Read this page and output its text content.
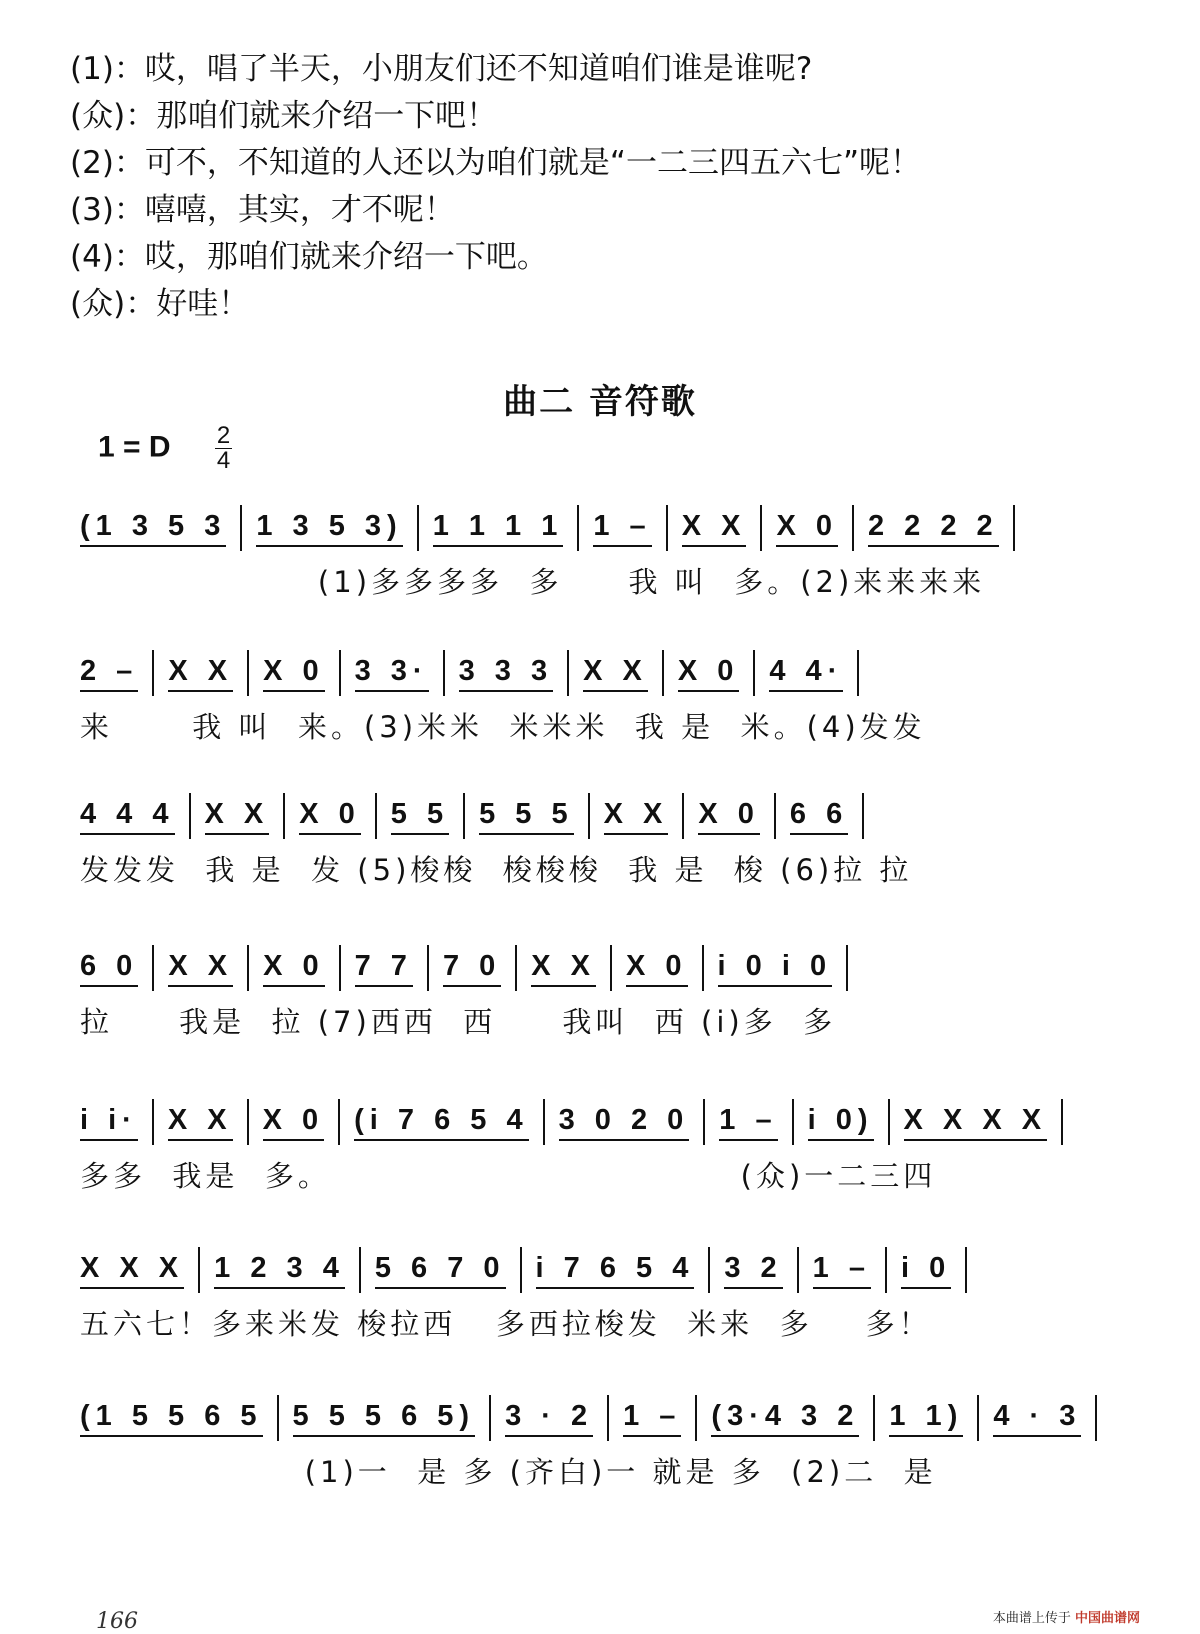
(1)：哎，唱了半天，小朋友们还不知道咱们谁是谁呢?
(众)：那咱们就来介绍一下吧！
(2)：可不，不知道的人还以为咱们就是“一二三四五六七”呢！
(3)：嘻嘻，其实，才不呢！
(4)：哎，那咱们就来介绍一下吧。
(众)：好哇！
曲二 音符歌
1 = D $\frac{2}{4}$
(1 3 5 3 1 3 5 3) 1 1 1 1 1 – X X X 0 2 2 2 2
(1)多多多多  多     我 叫  多。(2)来来来来
2 – X X X 0 3 3· 3 3 3 X X X 0 4 4·
来      我 叫  来。(3)米米  米米米  我 是  米。(4)发发
4 4 4 X X X 0 5 5 5 5 5 X X X 0 6 6
发发发  我 是  发 (5)梭梭  梭梭梭  我 是  梭 (6)拉 拉
6 0 X X X 0 7 7 7 0 X X X 0 i 0 i 0
拉     我是  拉 (7)西西  西     我叫  西 (i)多  多
i i· X X X 0 (i 7 6 5 4 3 0 2 0 1 – i 0) X X X X
多多  我是  多。                               (众)一二三四
X X X 1 2 3 4 5 6 7 0 i 7 6 5 4 3 2 1 – i 0
五六七！多来米发 梭拉西   多西拉梭发  米来  多    多！
(1 5 5 6 5 5 5 5 6 5) 3 · 2 1 – (3·4 3 2 1 1) 4 · 3
(1)一  是 多 (齐白)一 就是 多  (2)二  是
166	本曲谱上传于 中国曲谱网
